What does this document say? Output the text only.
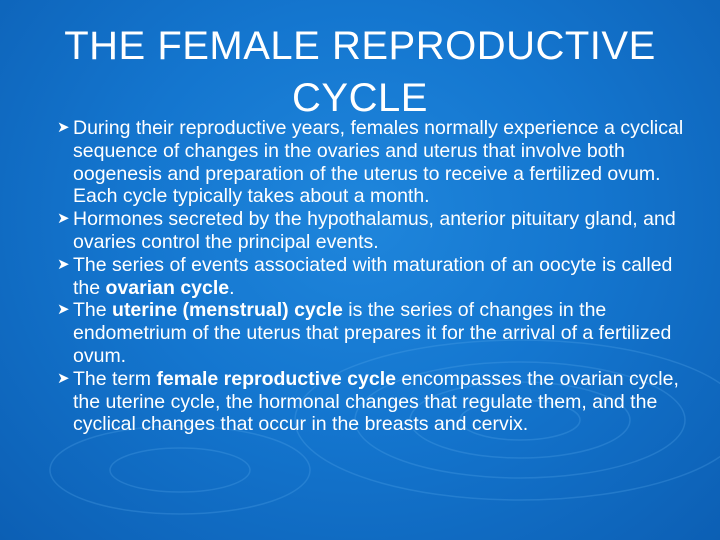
THE FEMALE REPRODUCTIVE CYCLE
➤ During their reproductive years, females normally experience a cyclical sequence of changes in the ovaries and uterus that involve both oogenesis and preparation of the uterus to receive a fertilized ovum. Each cycle typically takes about a month.
➤ Hormones secreted by the hypothalamus, anterior pituitary gland, and ovaries control the principal events.
➤ The series of events associated with maturation of an oocyte is called the ovarian cycle.
➤ The uterine (menstrual) cycle is the series of changes in the endometrium of the uterus that prepares it for the arrival of a fertilized ovum.
➤ The term female reproductive cycle encompasses the ovarian cycle, the uterine cycle, the hormonal changes that regulate them, and the cyclical changes that occur in the breasts and cervix.
